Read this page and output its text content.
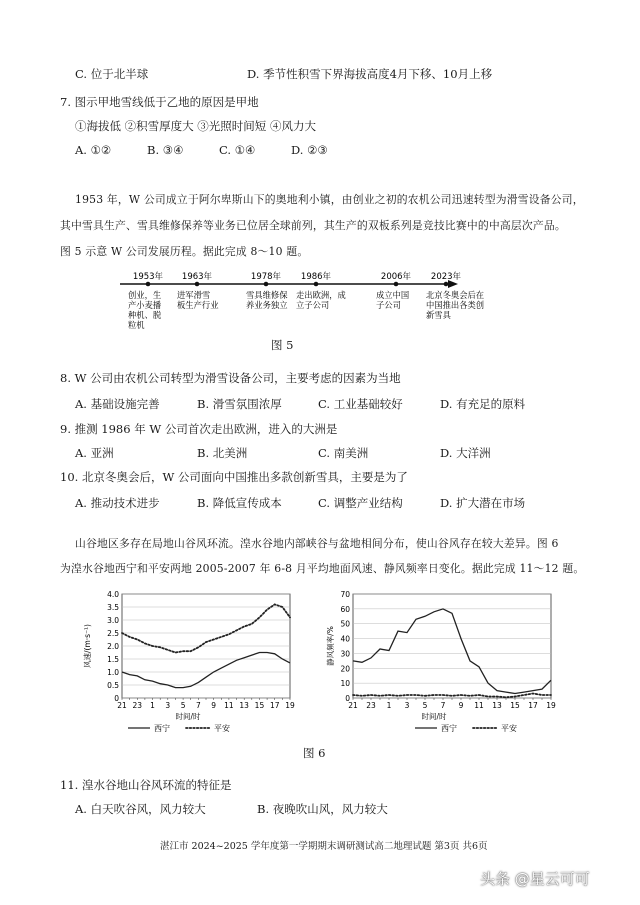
C. 位于北半球	D. 季节性积雪下界海拔高度4月下移、10月上移
7. 图示甲地雪线低于乙地的原因是甲地
①海拔低 ②积雪厚度大 ③光照时间短 ④风力大
A. ①②	B. ③④	C. ①④	D. ②③
1953 年，W 公司成立于阿尔卑斯山下的奥地利小镇，由创业之初的农机公司迅速转型为滑雪设备公司，
其中雪具生产、雪具维修保养等业务已位居全球前列，其生产的双板系列是竞技比赛中的中高层次产品。
图 5 示意 W 公司发展历程。据此完成 8～10 题。
1953年
创业，生
产小麦播
种机、脱
粒机
1963年
进军滑雪
板生产行业
1978年
雪具维修保
养业务独立
1986年
走出欧洲，成
立子公司
2006年
成立中国
子公司
2023年
北京冬奥会后在
中国推出各类创
新雪具
图 5
8. W 公司由农机公司转型为滑雪设备公司，主要考虑的因素为当地
A. 基础设施完善	B. 滑雪氛围浓厚	C. 工业基础较好	D. 有充足的原料
9. 推测 1986 年 W 公司首次走出欧洲，进入的大洲是
A. 亚洲	B. 北美洲	C. 南美洲	D. 大洋洲
10. 北京冬奥会后，W 公司面向中国推出多款创新雪具，主要是为了
A. 推动技术进步	B. 降低宣传成本	C. 调整产业结构	D. 扩大潜在市场
山谷地区多存在局地山谷风环流。湟水谷地内部峡谷与盆地相间分布，使山谷风存在较大差异。图 6
为湟水谷地西宁和平安两地 2005-2007 年 6-8 月平均地面风速、静风频率日变化。据此完成 11～12 题。
0
0.5
1.0
1.5
2.0
2.5
3.0
3.5
4.0
21 23 1 3 5 7 9 11 13 15 17 19
时间/时
风速/(m·s⁻¹)
西宁	平安
0
10
20
30
40
50
60
70
21 23 1 3 5 7 9 11 13 15 17 19
时间/时
静风频率/%
西宁	平安
图 6
11. 湟水谷地山谷风环流的特征是
A. 白天吹谷风，风力较大	B. 夜晚吹山风，风力较大
湛江市 2024~2025 学年度第一学期期末调研测试高二地理试题 第3页 共6页
头条 @星云可可
